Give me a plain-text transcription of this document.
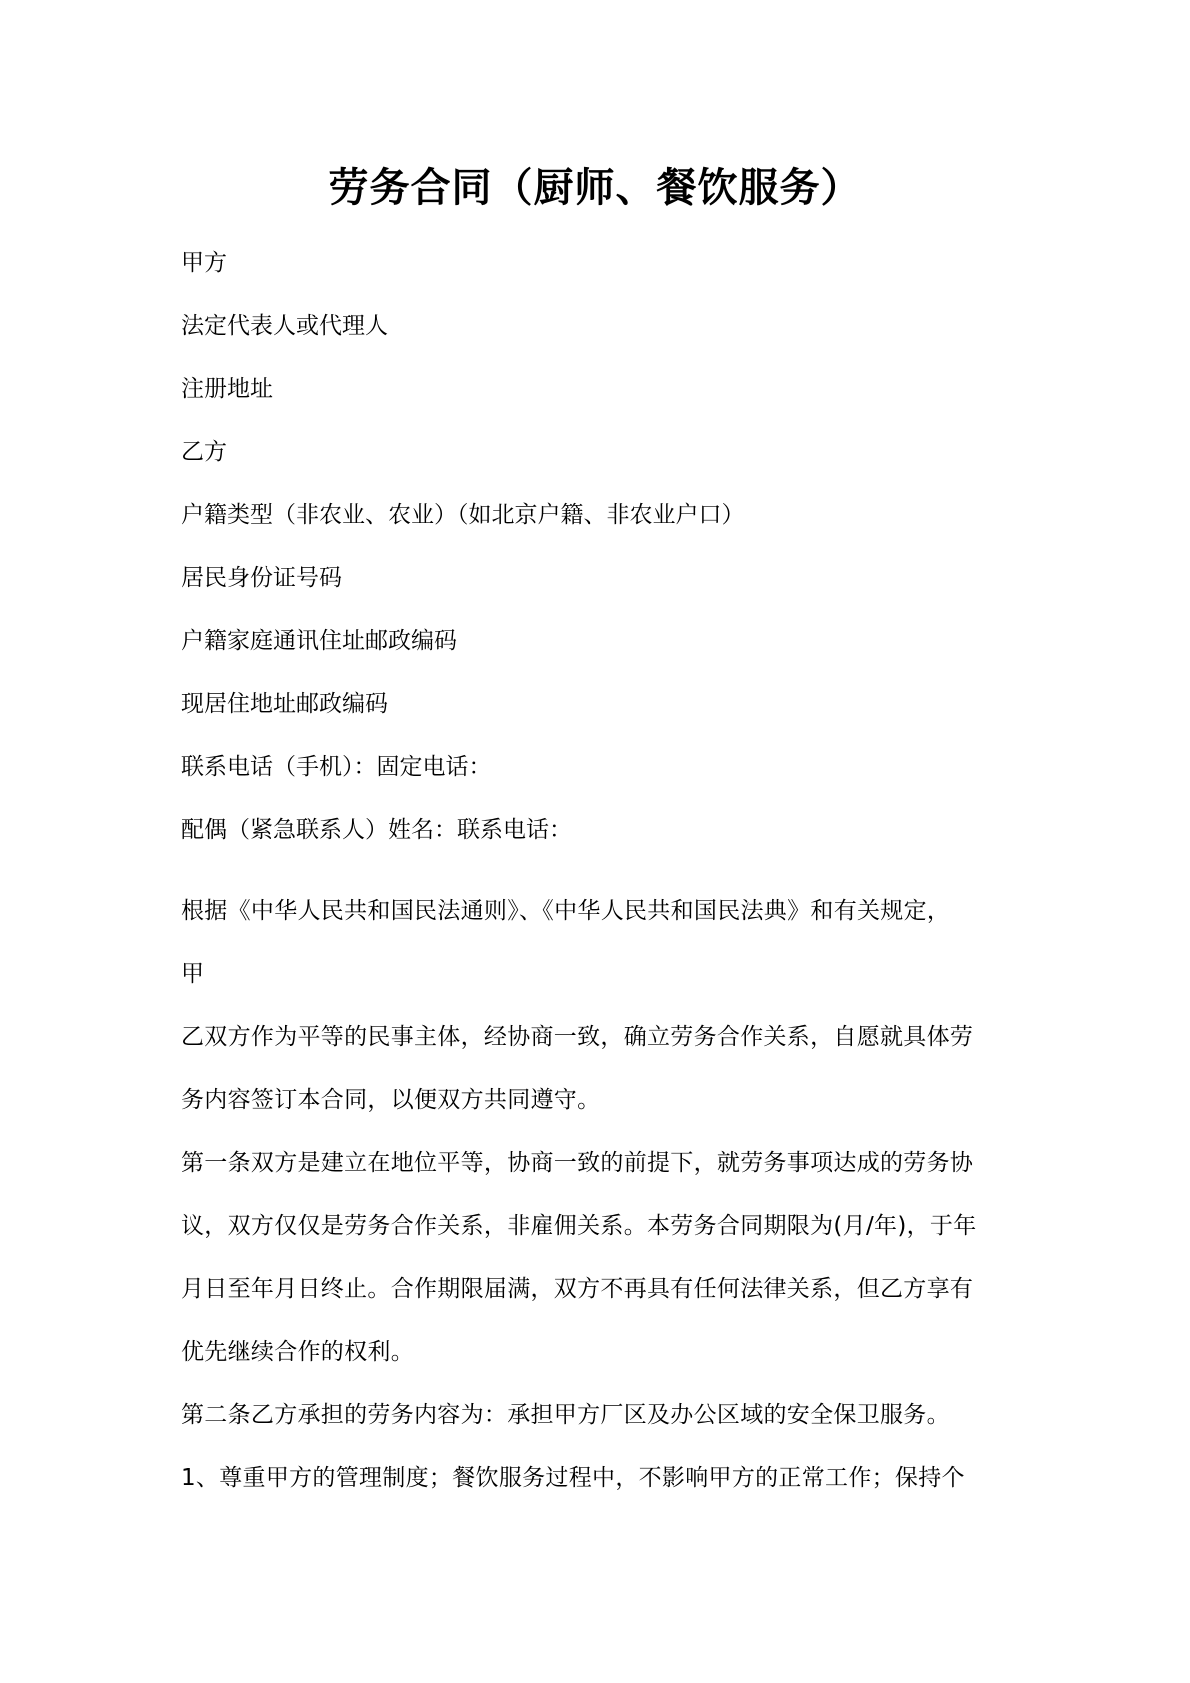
劳务合同（厨师、餐饮服务）
甲方
法定代表人或代理人
注册地址
乙方
户籍类型（非农业、农业）（如北京户籍、非农业户口）
居民身份证号码
户籍家庭通讯住址邮政编码
现居住地址邮政编码
联系电话（手机）：固定电话：
配偶（紧急联系人）姓名：联系电话：
根据《中华人民共和国民法通则》、《中华人民共和国民法典》和有关规定，
甲
乙双方作为平等的民事主体，经协商一致，确立劳务合作关系，自愿就具体劳
务内容签订本合同，以便双方共同遵守。
第一条双方是建立在地位平等，协商一致的前提下，就劳务事项达成的劳务协
议，双方仅仅是劳务合作关系，非雇佣关系。本劳务合同期限为(月/年)，于年
月日至年月日终止。合作期限届满，双方不再具有任何法律关系，但乙方享有
优先继续合作的权利。
第二条乙方承担的劳务内容为：承担甲方厂区及办公区域的安全保卫服务。
1、尊重甲方的管理制度；餐饮服务过程中，不影响甲方的正常工作；保持个
